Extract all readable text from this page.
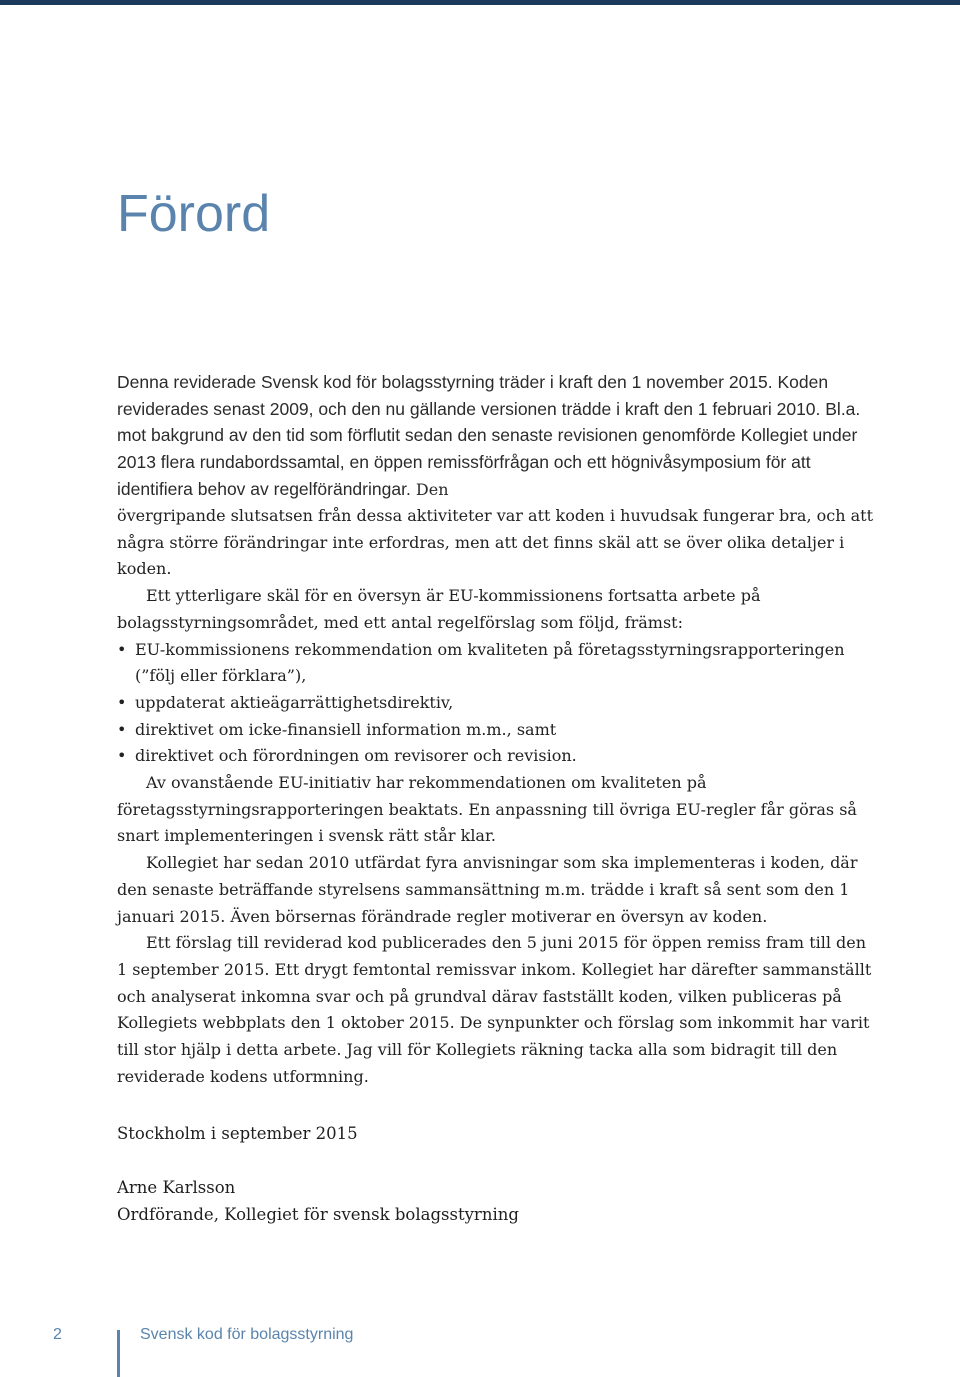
Förord

Denna reviderade Svensk kod för bolagsstyrning träder i kraft den 1 november 2015. Koden reviderades senast 2009, och den nu gällande versionen trädde i kraft den 1 februari 2010. Bl.a. mot bakgrund av den tid som förflutit sedan den senaste revisionen genomförde Kollegiet under 2013 flera rundabordssamtal, en öppen remissförfrågan och ett högnivåsymposium för att identifiera behov av regelförändringar. Den

övergripande slutsatsen från dessa aktiviteter var att koden i huvudsak fungerar bra, och att några större förändringar inte erfordras, men att det finns skäl att se över olika detaljer i koden.

Ett ytterligare skäl för en översyn är EU-kommissionens fortsatta arbete på bolagsstyrningsområdet, med ett antal regelförslag som följd, främst:

• EU-kommissionens rekommendation om kvaliteten på företagsstyrningsrapporteringen (”följ eller förklara”),
• uppdaterat aktieägarrättighetsdirektiv,
• direktivet om icke-finansiell information m.m., samt
• direktivet och förordningen om revisorer och revision.

Av ovanstående EU-initiativ har rekommendationen om kvaliteten på företagsstyrningsrapporteringen beaktats. En anpassning till övriga EU-regler får göras så snart implementeringen i svensk rätt står klar.

Kollegiet har sedan 2010 utfärdat fyra anvisningar som ska implementeras i koden, där den senaste beträffande styrelsens sammansättning m.m. trädde i kraft så sent som den 1 januari 2015. Även börsernas förändrade regler motiverar en översyn av koden.

Ett förslag till reviderad kod publicerades den 5 juni 2015 för öppen remiss fram till den 1 september 2015. Ett drygt femtontal remissvar inkom. Kollegiet har därefter sammanställt och analyserat inkomna svar och på grundval därav fastställt koden, vilken publiceras på Kollegiets webbplats den 1 oktober 2015. De synpunkter och förslag som inkommit har varit till stor hjälp i detta arbete. Jag vill för Kollegiets räkning tacka alla som bidragit till den reviderade kodens utformning.

Stockholm i september 2015

Arne Karlsson
Ordförande, Kollegiet för svensk bolagsstyrning

2	Svensk kod för bolagsstyrning
